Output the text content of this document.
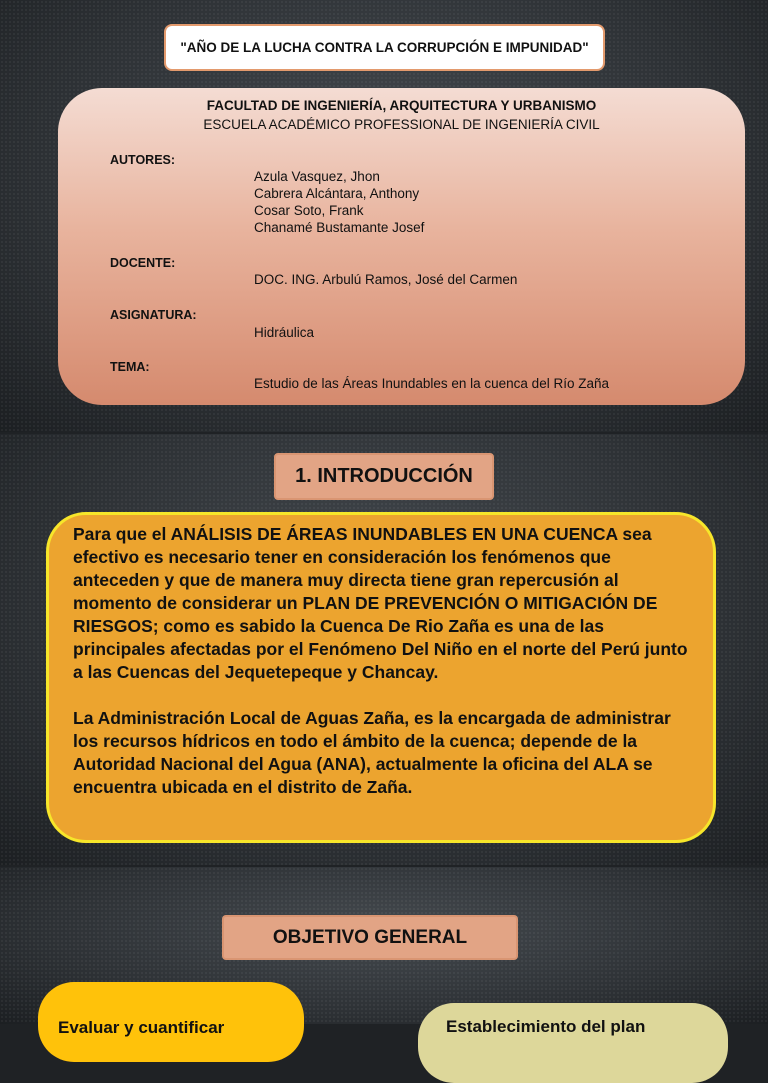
"AÑO DE LA LUCHA CONTRA LA CORRUPCIÓN E IMPUNIDAD"
FACULTAD DE INGENIERÍA, ARQUITECTURA Y URBANISMO
ESCUELA ACADÉMICO PROFESSIONAL DE INGENIERÍA CIVIL
AUTORES:
Azula Vasquez, Jhon
Cabrera Alcántara, Anthony
Cosar Soto, Frank
Chanamé Bustamante Josef
DOCENTE:
DOC. ING. Arbulú Ramos, José del Carmen
ASIGNATURA:
Hidráulica
TEMA:
Estudio de las Áreas Inundables en la cuenca del Río Zaña
1. INTRODUCCIÓN

Para que el ANÁLISIS DE ÁREAS INUNDABLES EN UNA CUENCA sea efectivo es necesario tener en consideración los fenómenos que anteceden y que de manera muy directa tiene gran repercusión al momento de considerar un PLAN DE PREVENCIÓN O MITIGACIÓN DE RIESGOS; como es sabido la Cuenca De Rio Zaña es una de las principales afectadas por el Fenómeno Del Niño en el norte del Perú junto a las Cuencas del Jequetepeque y Chancay.

La Administración Local de Aguas Zaña, es la encargada de administrar los recursos hídricos en todo el ámbito de la cuenca; depende de la Autoridad Nacional del Agua (ANA), actualmente la oficina del ALA se encuentra ubicada en el distrito de Zaña.

OBJETIVO GENERAL
Evaluar y cuantificar	Establecimiento del plan
